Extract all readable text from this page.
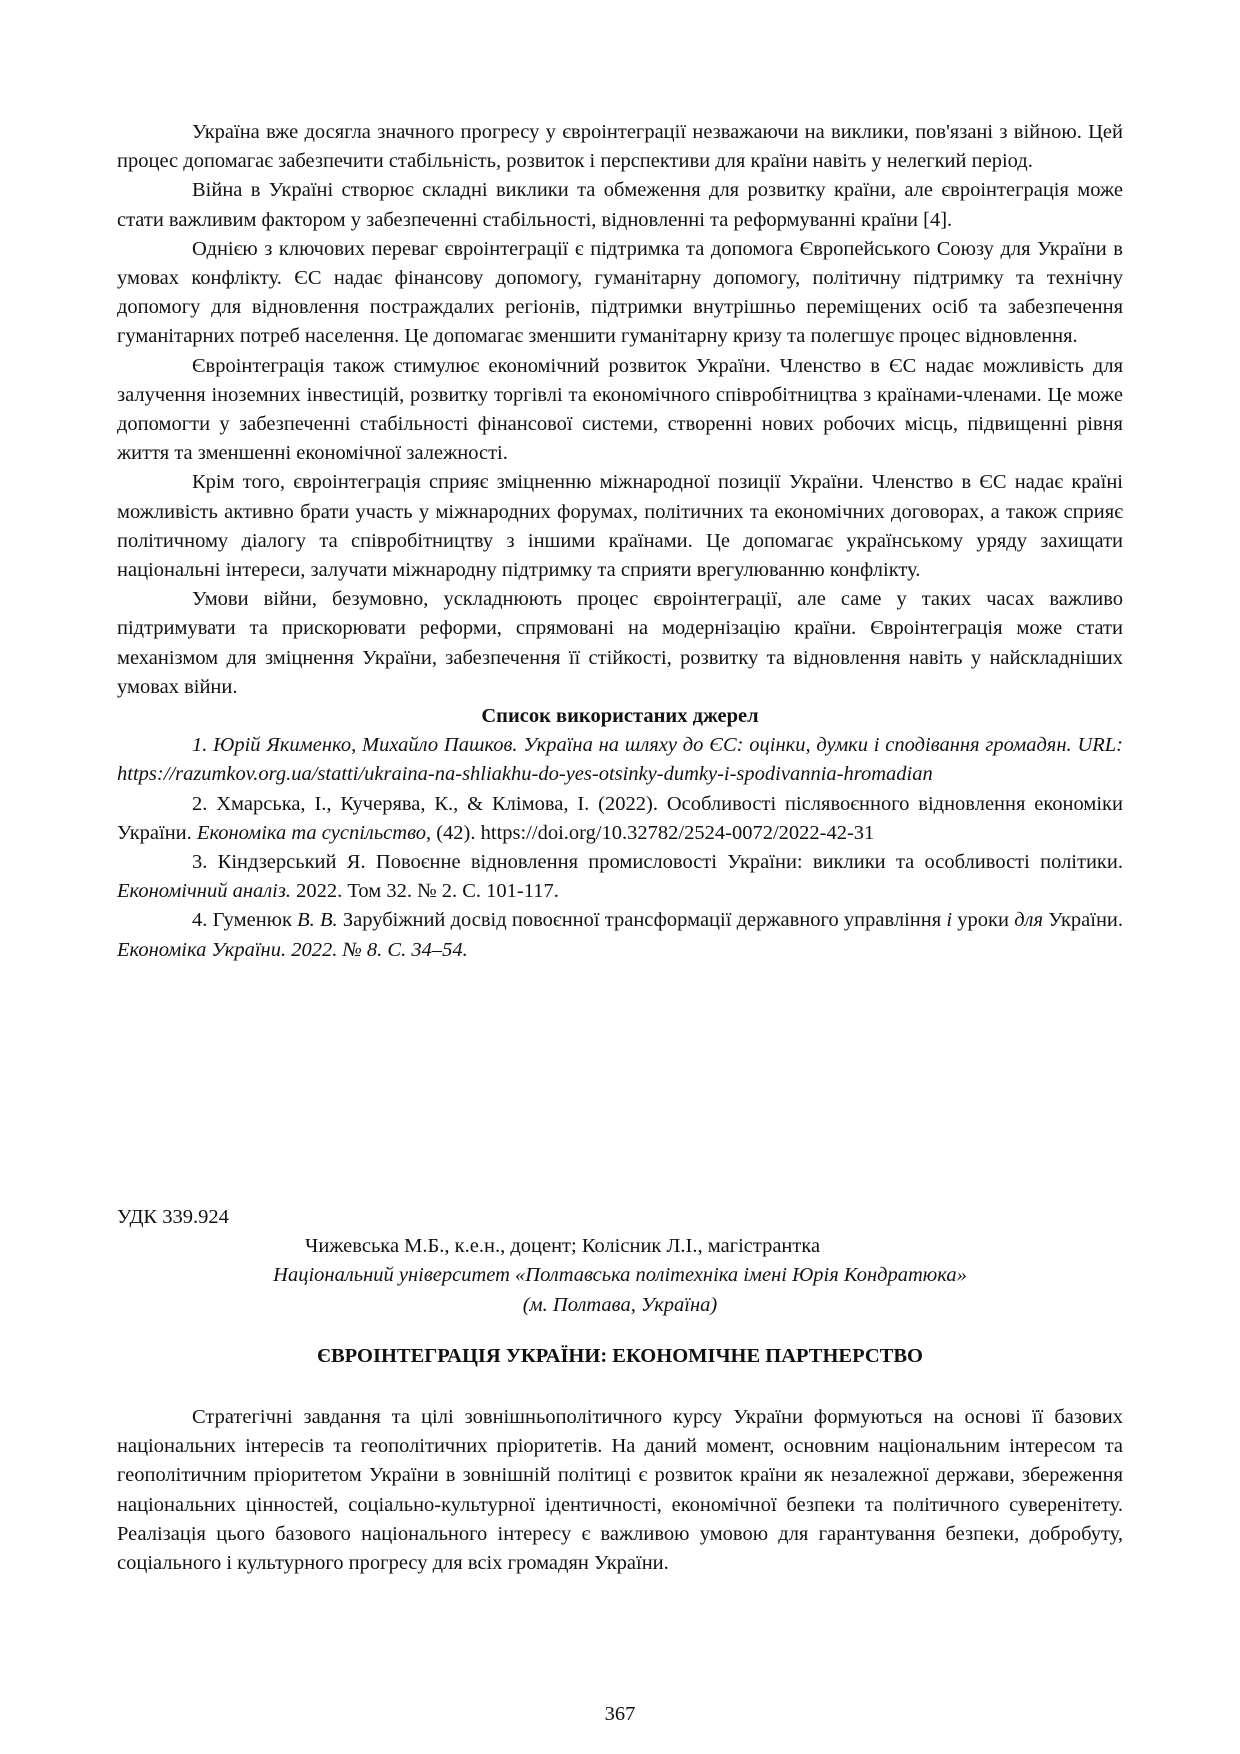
Україна вже досягла значного прогресу у євроінтеграції незважаючи на виклики, пов'язані з війною. Цей процес допомагає забезпечити стабільність, розвиток і перспективи для країни навіть у нелегкий період.

Війна в Україні створює складні виклики та обмеження для розвитку країни, але євроінтеграція може стати важливим фактором у забезпеченні стабільності, відновленні та реформуванні країни [4].

Однією з ключових переваг євроінтеграції є підтримка та допомога Європейського Союзу для України в умовах конфлікту. ЄС надає фінансову допомогу, гуманітарну допомогу, політичну підтримку та технічну допомогу для відновлення постраждалих регіонів, підтримки внутрішньо переміщених осіб та забезпечення гуманітарних потреб населення. Це допомагає зменшити гуманітарну кризу та полегшує процес відновлення.

Євроінтеграція також стимулює економічний розвиток України. Членство в ЄС надає можливість для залучення іноземних інвестицій, розвитку торгівлі та економічного співробітництва з країнами-членами. Це може допомогти у забезпеченні стабільності фінансової системи, створенні нових робочих місць, підвищенні рівня життя та зменшенні економічної залежності.

Крім того, євроінтеграція сприяє зміцненню міжнародної позиції України. Членство в ЄС надає країні можливість активно брати участь у міжнародних форумах, політичних та економічних договорах, а також сприяє політичному діалогу та співробітництву з іншими країнами. Це допомагає українському уряду захищати національні інтереси, залучати міжнародну підтримку та сприяти врегулюванню конфлікту.

Умови війни, безумовно, ускладнюють процес євроінтеграції, але саме у таких часах важливо підтримувати та прискорювати реформи, спрямовані на модернізацію країни. Євроінтеграція може стати механізмом для зміцнення України, забезпечення її стійкості, розвитку та відновлення навіть у найскладніших умовах війни.

Список використаних джерел

1. Юрій Якименко, Михайло Пашков. Україна на шляху до ЄС: оцінки, думки і сподівання громадян. URL: https://razumkov.org.ua/statti/ukraina-na-shliakhu-do-yes-otsinky-dumky-i-spodivannia-hromadian

2. Хмарська, І., Кучерява, К., & Клімова, І. (2022). Особливості післявоєнного відновлення економіки України. Економіка та суспільство, (42). https://doi.org/10.32782/2524-0072/2022-42-31

3. Кіндзерський Я. Повоєнне відновлення промисловості України: виклики та особливості політики. Економічний аналіз. 2022. Том 32. № 2. С. 101-117.

4. Гуменюк В. В. Зарубіжний досвід повоєнної трансформації державного управління і уроки для України. Економіка України. 2022. № 8. С. 34–54.

УДК 339.924

Чижевська М.Б., к.е.н., доцент; Колісник Л.І., магістрантка

Національний університет «Полтавська політехніка імені Юрія Кондратюка»

(м. Полтава, Україна)

ЄВРОІНТЕГРАЦІЯ УКРАЇНИ: ЕКОНОМІЧНЕ ПАРТНЕРСТВО

Стратегічні завдання та цілі зовнішньополітичного курсу України формуються на основі її базових національних інтересів та геополітичних пріоритетів. На даний момент, основним національним інтересом та геополітичним пріоритетом України в зовнішній політиці є розвиток країни як незалежної держави, збереження національних цінностей, соціально-культурної ідентичності, економічної безпеки та політичного суверенітету. Реалізація цього базового національного інтересу є важливою умовою для гарантування безпеки, добробуту, соціального і культурного прогресу для всіх громадян України.

367
